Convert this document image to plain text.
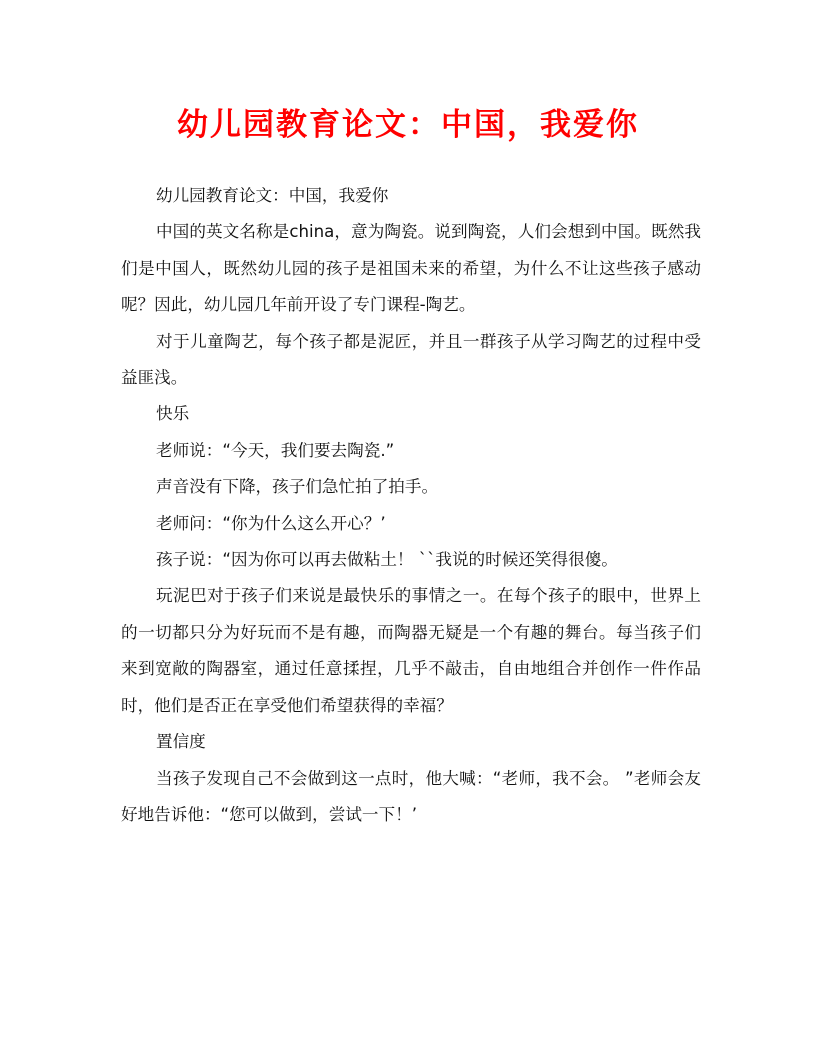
幼儿园教育论文：中国，我爱你

幼儿园教育论文：中国，我爱你

中国的英文名称是china，意为陶瓷。说到陶瓷，人们会想到中国。既然我们是中国人，既然幼儿园的孩子是祖国未来的希望，为什么不让这些孩子感动呢？因此，幼儿园几年前开设了专门课程-陶艺。

对于儿童陶艺，每个孩子都是泥匠，并且一群孩子从学习陶艺的过程中受益匪浅。

快乐

老师说：“今天，我们要去陶瓷.”

声音没有下降，孩子们急忙拍了拍手。

老师问：“你为什么这么开心？’

孩子说：“因为你可以再去做粘土！ ``我说的时候还笑得很傻。

玩泥巴对于孩子们来说是最快乐的事情之一。在每个孩子的眼中，世界上的一切都只分为好玩而不是有趣，而陶器无疑是一个有趣的舞台。每当孩子们来到宽敞的陶器室，通过任意揉捏，几乎不敲击，自由地组合并创作一件作品时，他们是否正在享受他们希望获得的幸福？

置信度

当孩子发现自己不会做到这一点时，他大喊：“老师，我不会。 ”老师会友好地告诉他：“您可以做到，尝试一下！’
